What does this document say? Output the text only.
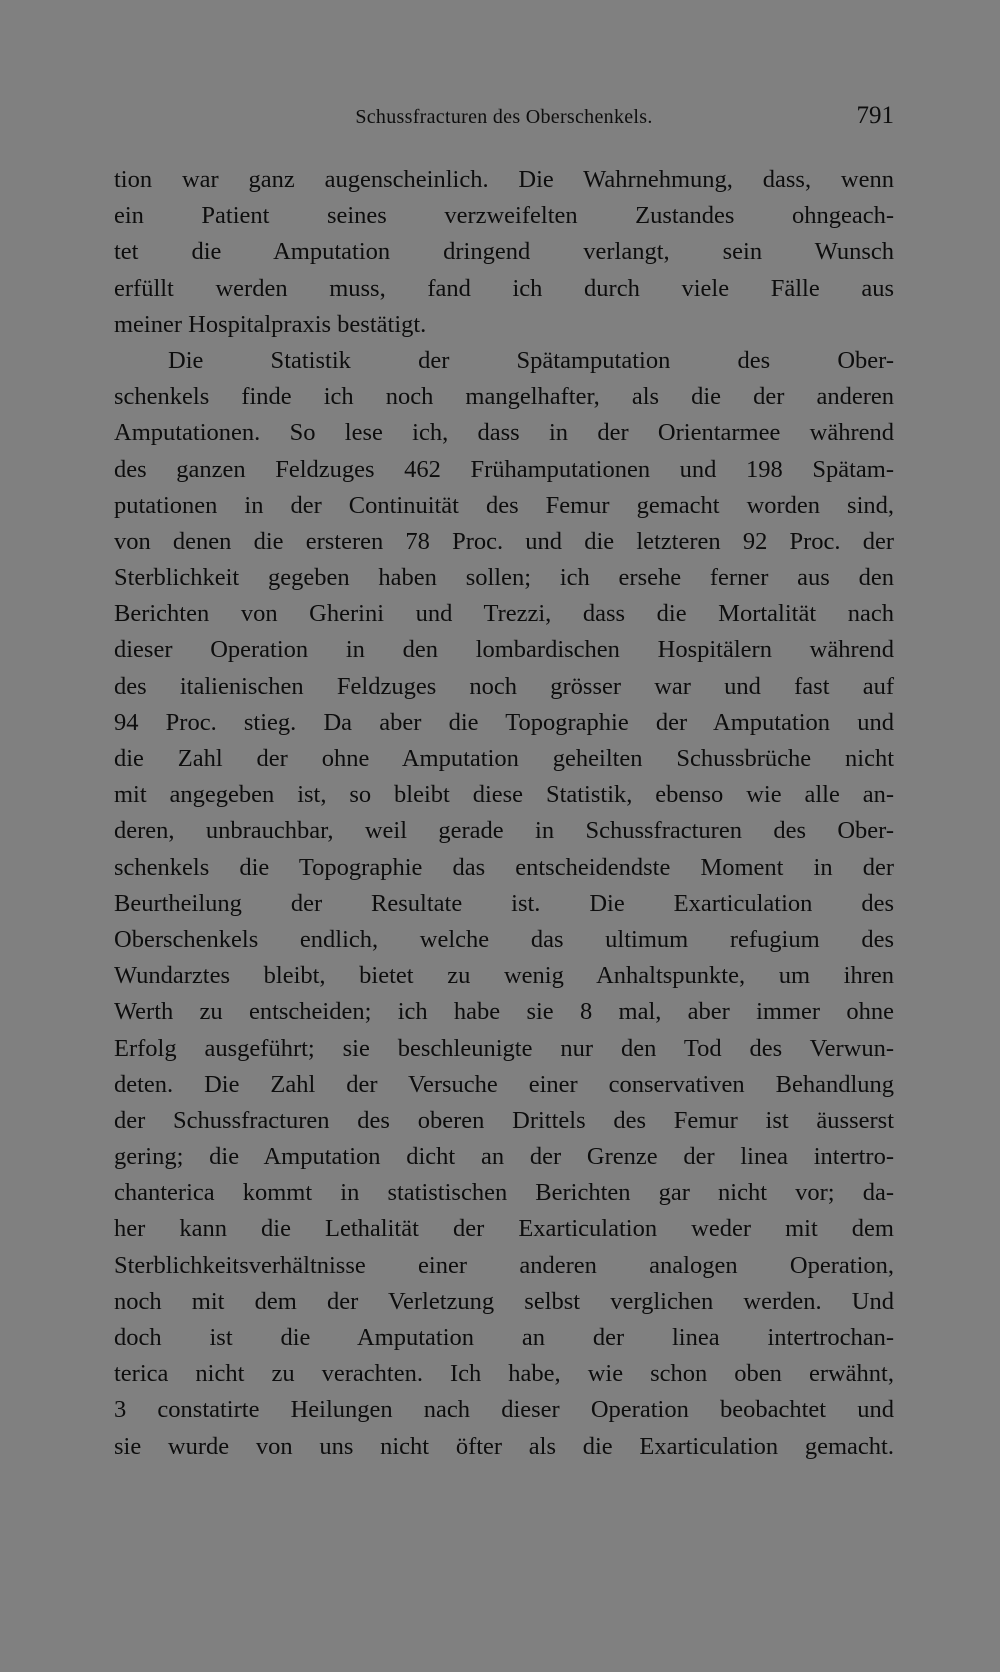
Schussfracturen des Oberschenkels.	791
tion war ganz augenscheinlich. Die Wahrnehmung, dass, wenn
ein Patient seines verzweifelten Zustandes ohngeach-
tet die Amputation dringend verlangt, sein Wunsch
erfüllt werden muss, fand ich durch viele Fälle aus
meiner Hospitalpraxis bestätigt.
Die Statistik der Spätamputation des Ober-
schenkels finde ich noch mangelhafter, als die der anderen
Amputationen. So lese ich, dass in der Orientarmee während
des ganzen Feldzuges 462 Frühamputationen und 198 Spätam-
putationen in der Continuität des Femur gemacht worden sind,
von denen die ersteren 78 Proc. und die letzteren 92 Proc. der
Sterblichkeit gegeben haben sollen; ich ersehe ferner aus den
Berichten von Gherini und Trezzi, dass die Mortalität nach
dieser Operation in den lombardischen Hospitälern während
des italienischen Feldzuges noch grösser war und fast auf
94 Proc. stieg. Da aber die Topographie der Amputation und
die Zahl der ohne Amputation geheilten Schussbrüche nicht
mit angegeben ist, so bleibt diese Statistik, ebenso wie alle an-
deren, unbrauchbar, weil gerade in Schussfracturen des Ober-
schenkels die Topographie das entscheidendste Moment in der
Beurtheilung der Resultate ist. Die Exarticulation des
Oberschenkels endlich, welche das ultimum refugium des
Wundarztes bleibt, bietet zu wenig Anhaltspunkte, um ihren
Werth zu entscheiden; ich habe sie 8 mal, aber immer ohne
Erfolg ausgeführt; sie beschleunigte nur den Tod des Verwun-
deten. Die Zahl der Versuche einer conservativen Behandlung
der Schussfracturen des oberen Drittels des Femur ist äusserst
gering; die Amputation dicht an der Grenze der linea intertro-
chanterica kommt in statistischen Berichten gar nicht vor; da-
her kann die Lethalität der Exarticulation weder mit dem
Sterblichkeitsverhältnisse einer anderen analogen Operation,
noch mit dem der Verletzung selbst verglichen werden. Und
doch ist die Amputation an der linea intertrochan-
terica nicht zu verachten. Ich habe, wie schon oben erwähnt,
3 constatirte Heilungen nach dieser Operation beobachtet und
sie wurde von uns nicht öfter als die Exarticulation gemacht.
